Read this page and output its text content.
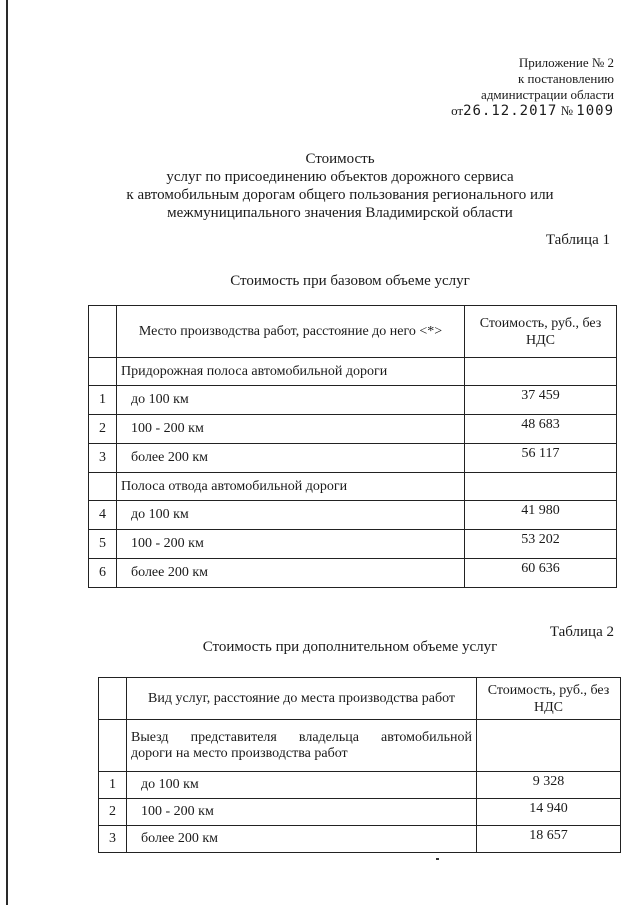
Приложение № 2
к постановлению
администрации области
от26.12.2017 № 1009
Стоимость
услуг по присоединению объектов дорожного сервиса
к автомобильным дорогам общего пользования регионального или
межмуниципального значения Владимирской области
Таблица 1
Стоимость при базовом объеме услуг
	Место производства работ, расстояние до него <*>	Стоимость, руб., без НДС
	Придорожная полоса автомобильной дороги	
1	до 100 км	37 459
2	100 - 200 км	48 683
3	более 200 км	56 117
	Полоса отвода автомобильной дороги	
4	до 100 км	41 980
5	100 - 200 км	53 202
6	более 200 км	60 636
Таблица 2
Стоимость при дополнительном объеме услуг
	Вид услуг, расстояние до места производства работ	Стоимость, руб., без НДС

	Выезд представителя владельца автомобильной
дороги на место производства работ	

1	до 100 км	9 328
2	100 - 200 км	14 940
3	более 200 км	18 657
